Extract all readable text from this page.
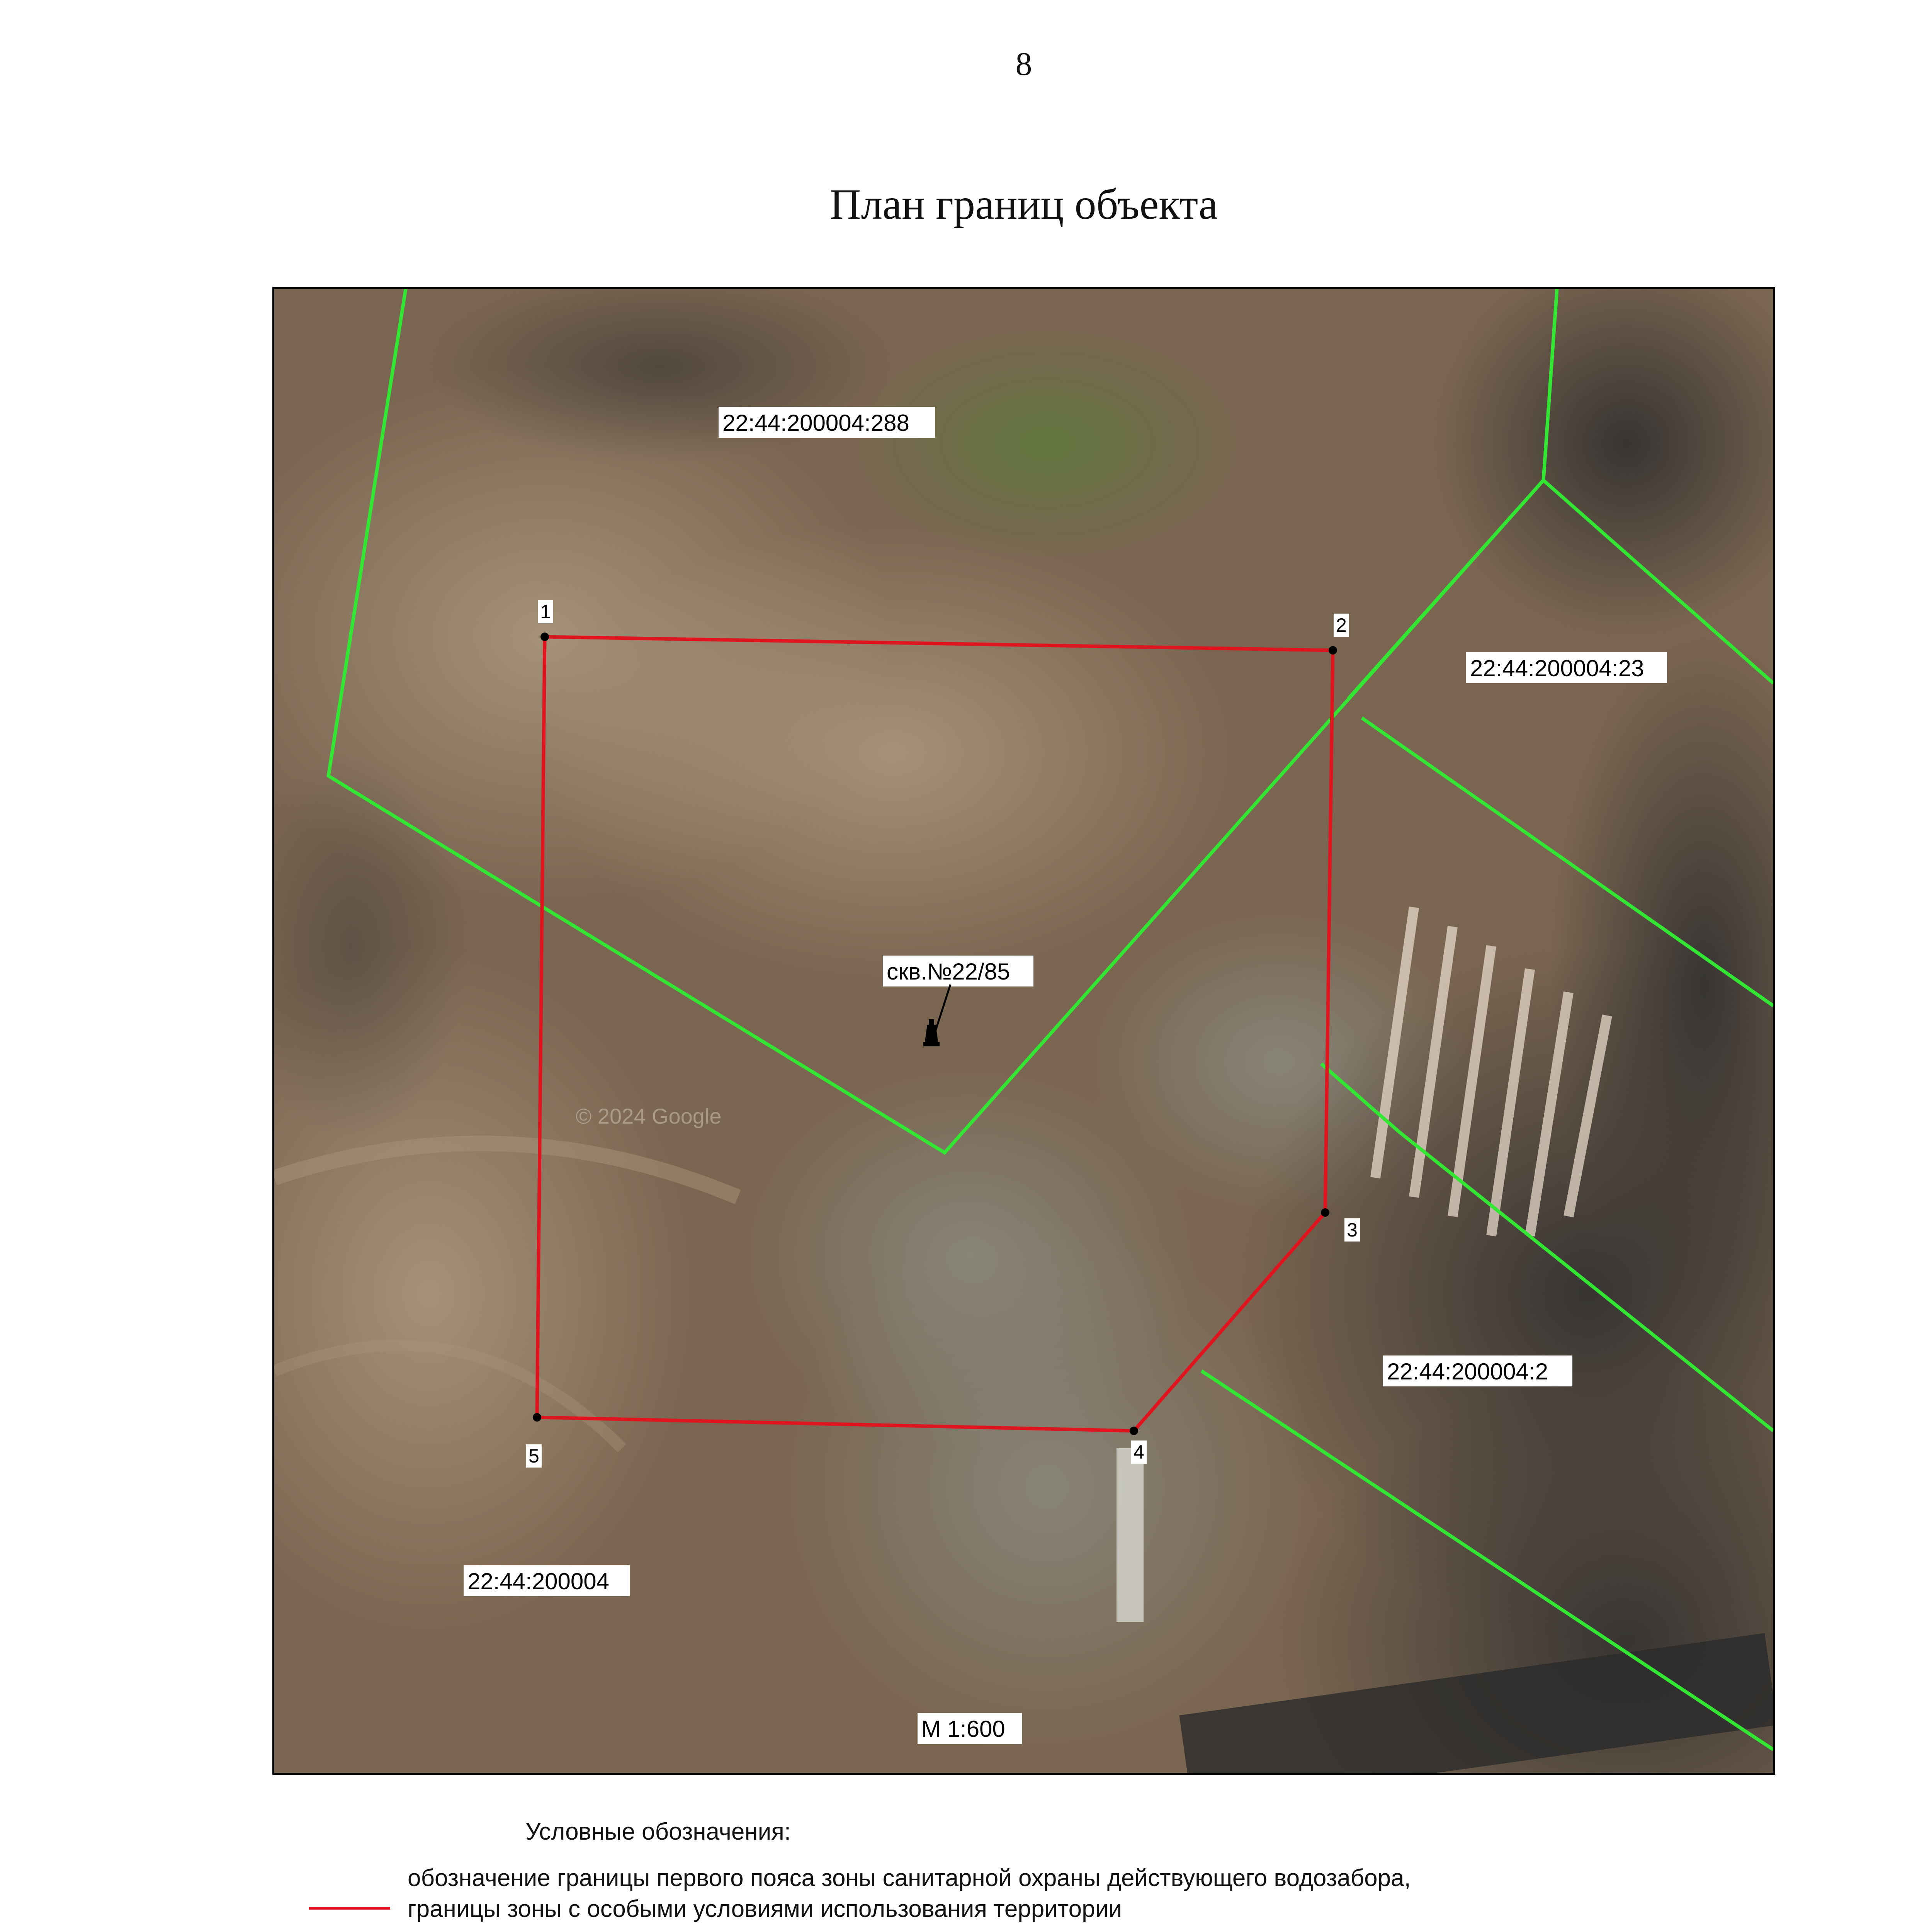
8
План границ объекта
© 2024 Google
1
2
3
4
5
22:44:200004:288
22:44:200004:23
22:44:200004:2
22:44:200004
скв.№22/85
М 1:600
Условные обозначения:
обозначение границы первого пояса зоны санитарной охраны действующего водозабора,
границы зоны с особыми условиями использования территории
